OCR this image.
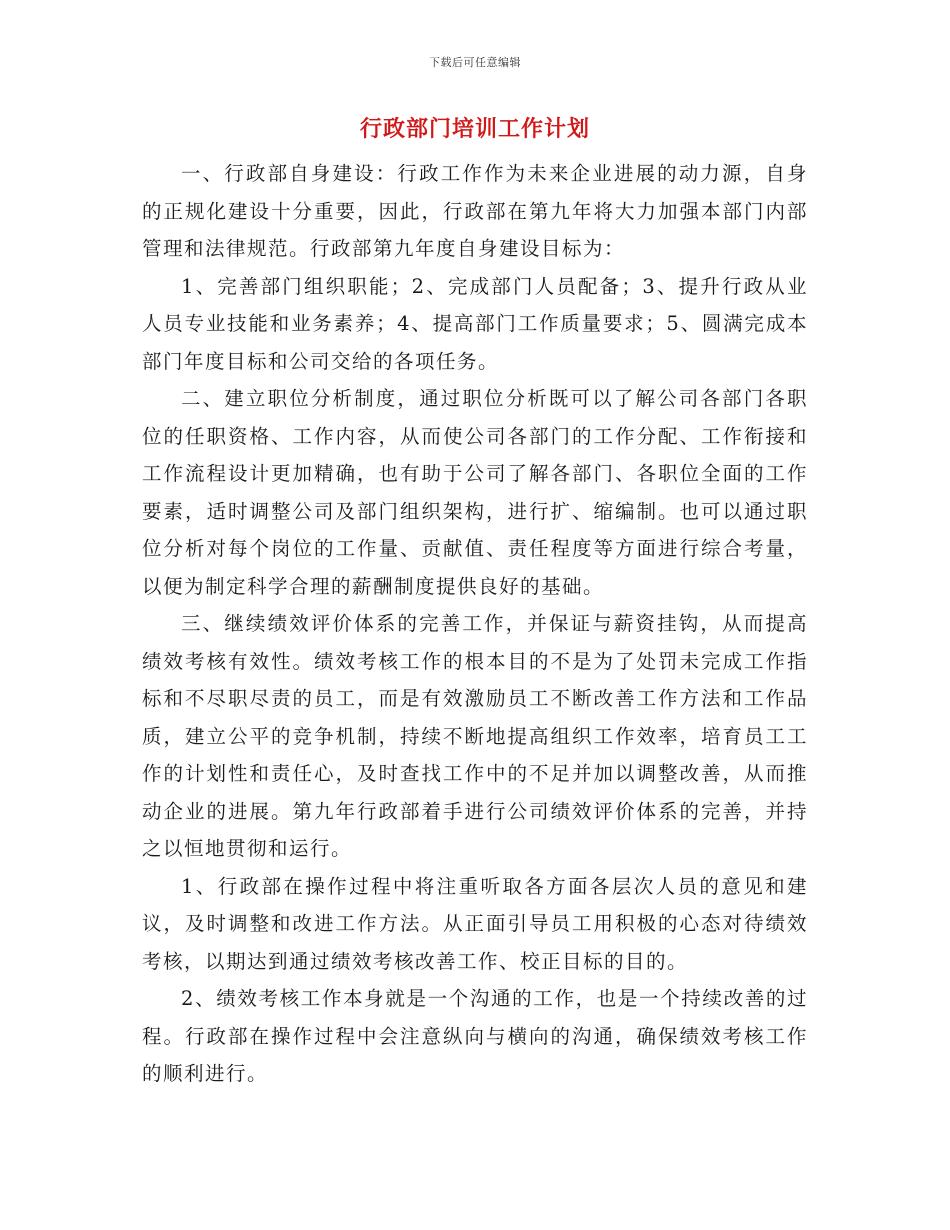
下载后可任意编辑
行政部门培训工作计划

一、行政部自身建设：行政工作作为未来企业进展的动力源，自身的正规化建设十分重要，因此，行政部在第九年将大力加强本部门内部管理和法律规范。行政部第九年度自身建设目标为：

1、完善部门组织职能；2、完成部门人员配备；3、提升行政从业人员专业技能和业务素养；4、提高部门工作质量要求；5、圆满完成本部门年度目标和公司交给的各项任务。

二、建立职位分析制度，通过职位分析既可以了解公司各部门各职位的任职资格、工作内容，从而使公司各部门的工作分配、工作衔接和工作流程设计更加精确，也有助于公司了解各部门、各职位全面的工作要素，适时调整公司及部门组织架构，进行扩、缩编制。也可以通过职位分析对每个岗位的工作量、贡献值、责任程度等方面进行综合考量，以便为制定科学合理的薪酬制度提供良好的基础。

三、继续绩效评价体系的完善工作，并保证与薪资挂钩，从而提高绩效考核有效性。绩效考核工作的根本目的不是为了处罚未完成工作指标和不尽职尽责的员工，而是有效激励员工不断改善工作方法和工作品质，建立公平的竞争机制，持续不断地提高组织工作效率，培育员工工作的计划性和责任心，及时查找工作中的不足并加以调整改善，从而推动企业的进展。第九年行政部着手进行公司绩效评价体系的完善，并持之以恒地贯彻和运行。

1、行政部在操作过程中将注重听取各方面各层次人员的意见和建议，及时调整和改进工作方法。从正面引导员工用积极的心态对待绩效考核，以期达到通过绩效考核改善工作、校正目标的目的。

2、绩效考核工作本身就是一个沟通的工作，也是一个持续改善的过程。行政部在操作过程中会注意纵向与横向的沟通，确保绩效考核工作的顺利进行。
